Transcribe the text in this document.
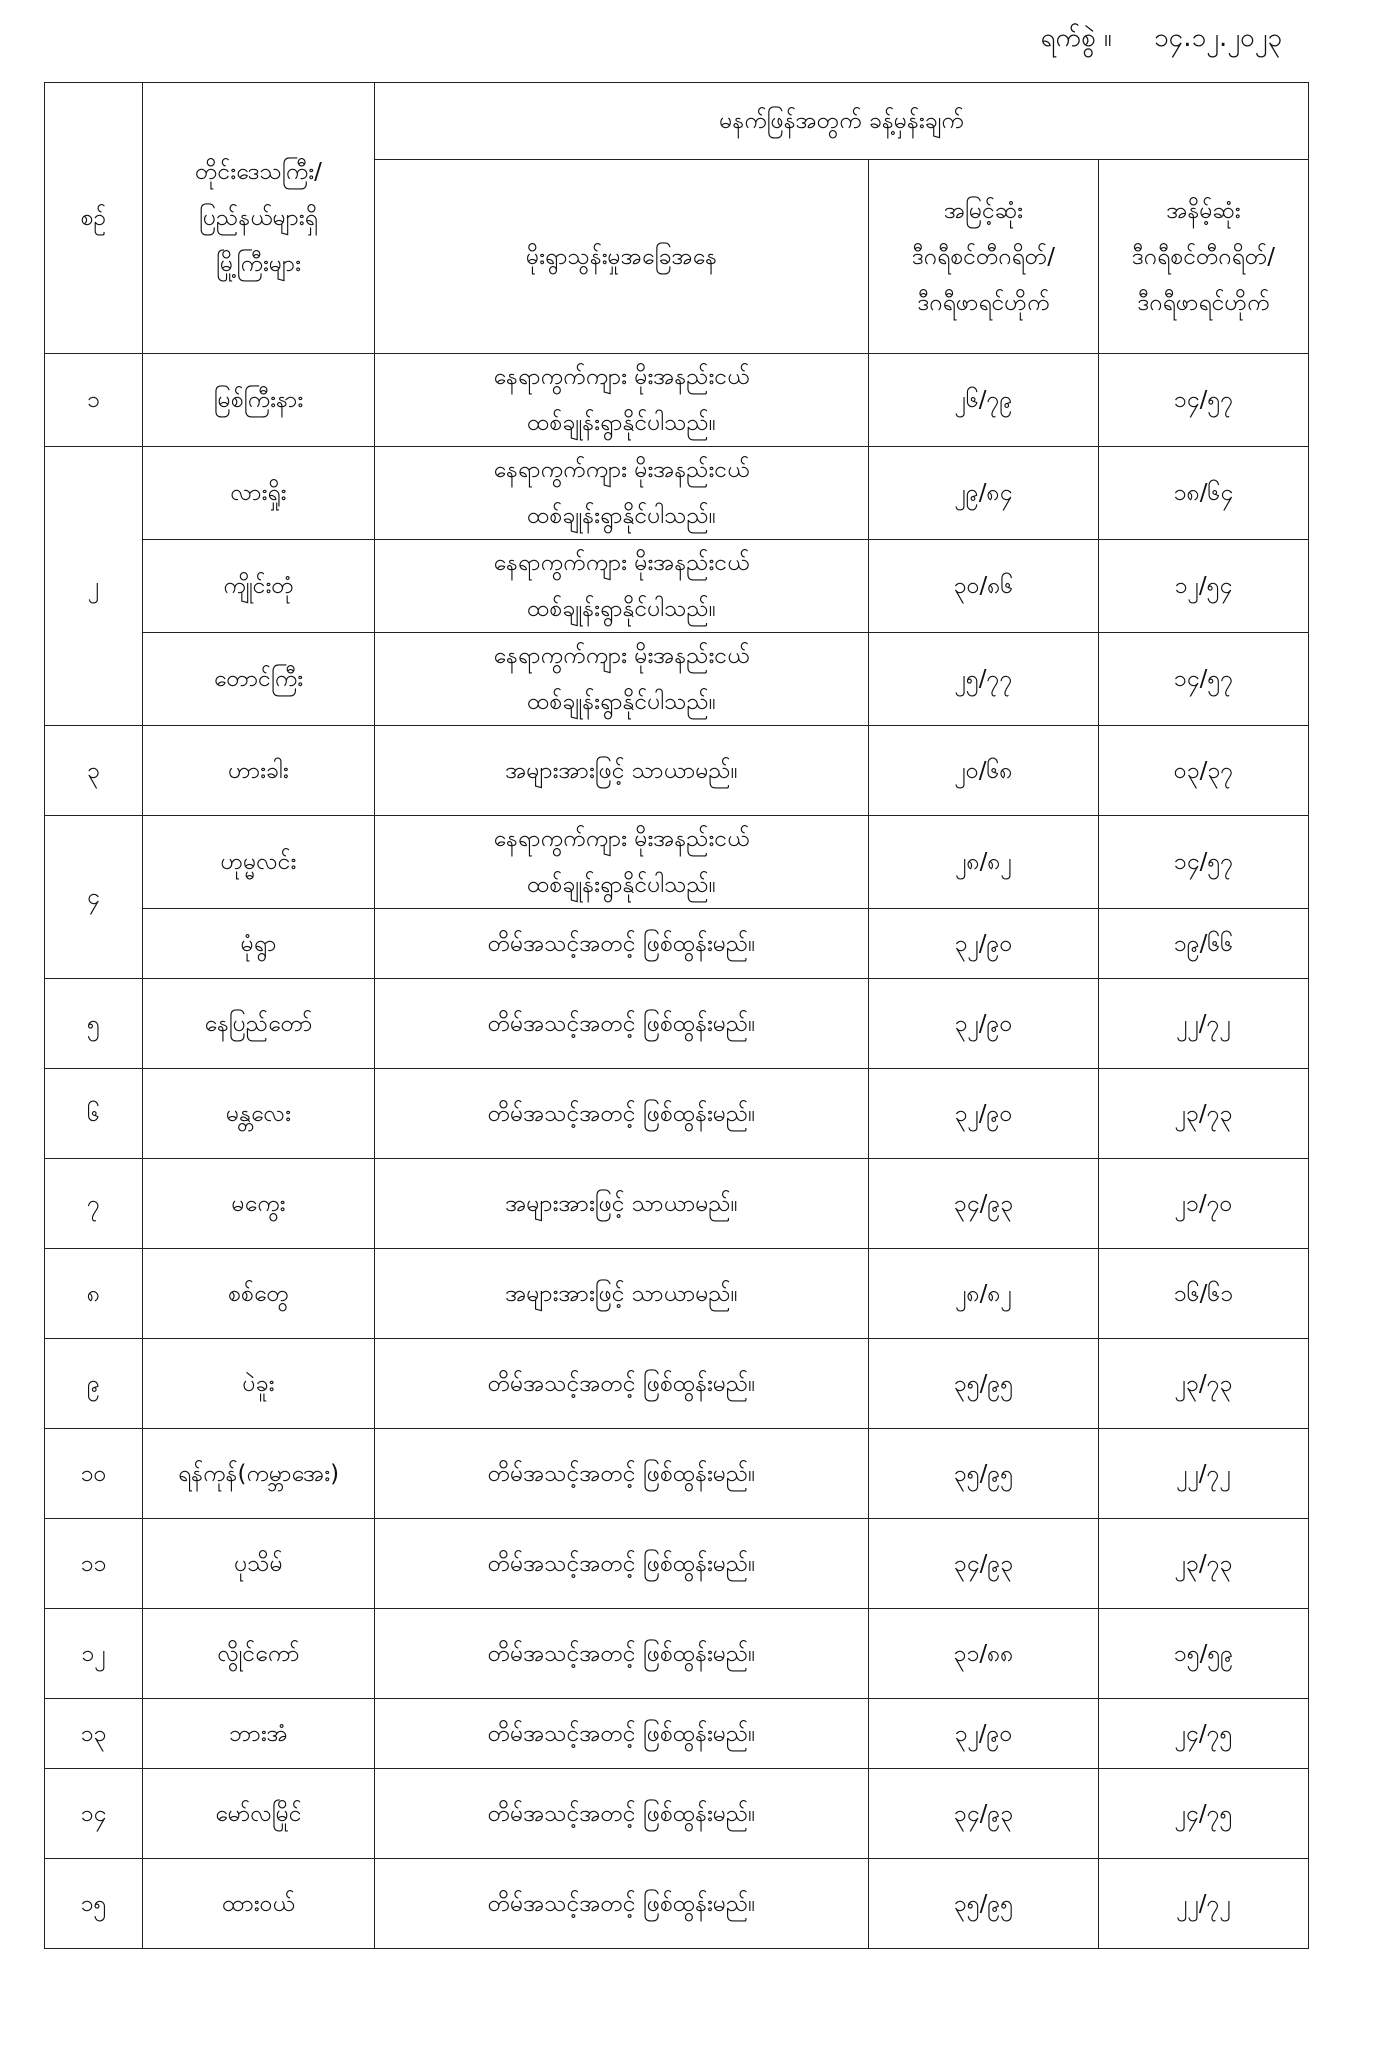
ရက်စွဲ ။ ၁၄.၁၂.၂၀၂၃
စဉ်	တိုင်းဒေသကြီး/
ပြည်နယ်များရှိ
မြို့ကြီးများ	မနက်ဖြန်အတွက် ခန့်မှန်းချက်		
		မိုးရွာသွန်းမှုအခြေအနေ	အမြင့်ဆုံး
ဒီဂရီစင်တီဂရိတ်/
ဒီဂရီဖာရင်ဟိုက်	အနိမ့်ဆုံး
ဒီဂရီစင်တီဂရိတ်/
ဒီဂရီဖာရင်ဟိုက်

၁	မြစ်ကြီးနား	နေရာကွက်ကျား မိုးအနည်းငယ်
ထစ်ချုန်းရွာနိုင်ပါသည်။	၂၆/၇၉	၁၄/၅၇
၂	လားရှိုး	နေရာကွက်ကျား မိုးအနည်းငယ်
ထစ်ချုန်းရွာနိုင်ပါသည်။	၂၉/၈၄	၁၈/၆၄
	ကျိုင်းတုံ	နေရာကွက်ကျား မိုးအနည်းငယ်
ထစ်ချုန်းရွာနိုင်ပါသည်။	၃၀/၈၆	၁၂/၅၄
	တောင်ကြီး	နေရာကွက်ကျား မိုးအနည်းငယ်
ထစ်ချုန်းရွာနိုင်ပါသည်။	၂၅/၇၇	၁၄/၅၇
၃	ဟားခါး	အများအားဖြင့် သာယာမည်။	၂၀/၆၈	၀၃/၃၇
၄	ဟုမ္မလင်း	နေရာကွက်ကျား မိုးအနည်းငယ်
ထစ်ချုန်းရွာနိုင်ပါသည်။	၂၈/၈၂	၁၄/၅၇
	မုံရွာ	တိမ်အသင့်အတင့် ဖြစ်ထွန်းမည်။	၃၂/၉၀	၁၉/၆၆
၅	နေပြည်တော်	တိမ်အသင့်အတင့် ဖြစ်ထွန်းမည်။	၃၂/၉၀	၂၂/၇၂
၆	မန္တလေး	တိမ်အသင့်အတင့် ဖြစ်ထွန်းမည်။	၃၂/၉၀	၂၃/၇၃
၇	မကွေး	အများအားဖြင့် သာယာမည်။	၃၄/၉၃	၂၁/၇၀
၈	စစ်တွေ	အများအားဖြင့် သာယာမည်။	၂၈/၈၂	၁၆/၆၁
၉	ပဲခူး	တိမ်အသင့်အတင့် ဖြစ်ထွန်းမည်။	၃၅/၉၅	၂၃/၇၃
၁၀	ရန်ကုန်(ကမ္ဘာအေး)	တိမ်အသင့်အတင့် ဖြစ်ထွန်းမည်။	၃၅/၉၅	၂၂/၇၂
၁၁	ပုသိမ်	တိမ်အသင့်အတင့် ဖြစ်ထွန်းမည်။	၃၄/၉၃	၂၃/၇၃
၁၂	လွိုင်ကော်	တိမ်အသင့်အတင့် ဖြစ်ထွန်းမည်။	၃၁/၈၈	၁၅/၅၉
၁၃	ဘားအံ	တိမ်အသင့်အတင့် ဖြစ်ထွန်းမည်။	၃၂/၉၀	၂၄/၇၅
၁၄	မော်လမြိုင်	တိမ်အသင့်အတင့် ဖြစ်ထွန်းမည်။	၃၄/၉၃	၂၄/၇၅
၁၅	ထားဝယ်	တိမ်အသင့်အတင့် ဖြစ်ထွန်းမည်။	၃၅/၉၅	၂၂/၇၂
